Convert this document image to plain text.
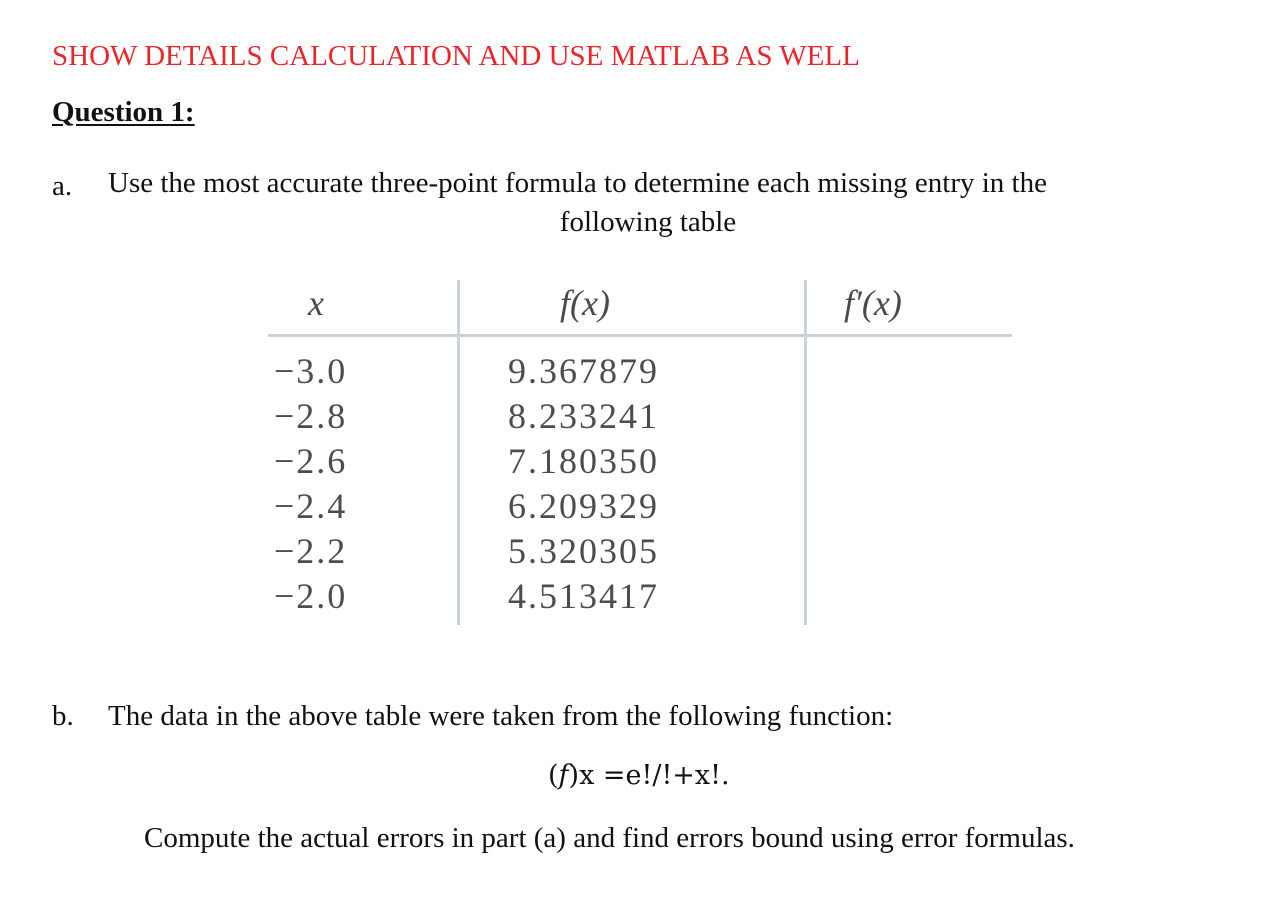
SHOW DETAILS CALCULATION AND USE MATLAB AS WELL
Question 1:
a. Use the most accurate three-point formula to determine each missing entry in the
following table
x	f(x)	f′(x)
−3.0	9.367879
−2.8	8.233241
−2.6	7.180350
−2.4	6.209329
−2.2	5.320305
−2.0	4.513417
b. The data in the above table were taken from the following function:
(f)x =e!/!+x!.
Compute the actual errors in part (a) and find errors bound using error formulas.
